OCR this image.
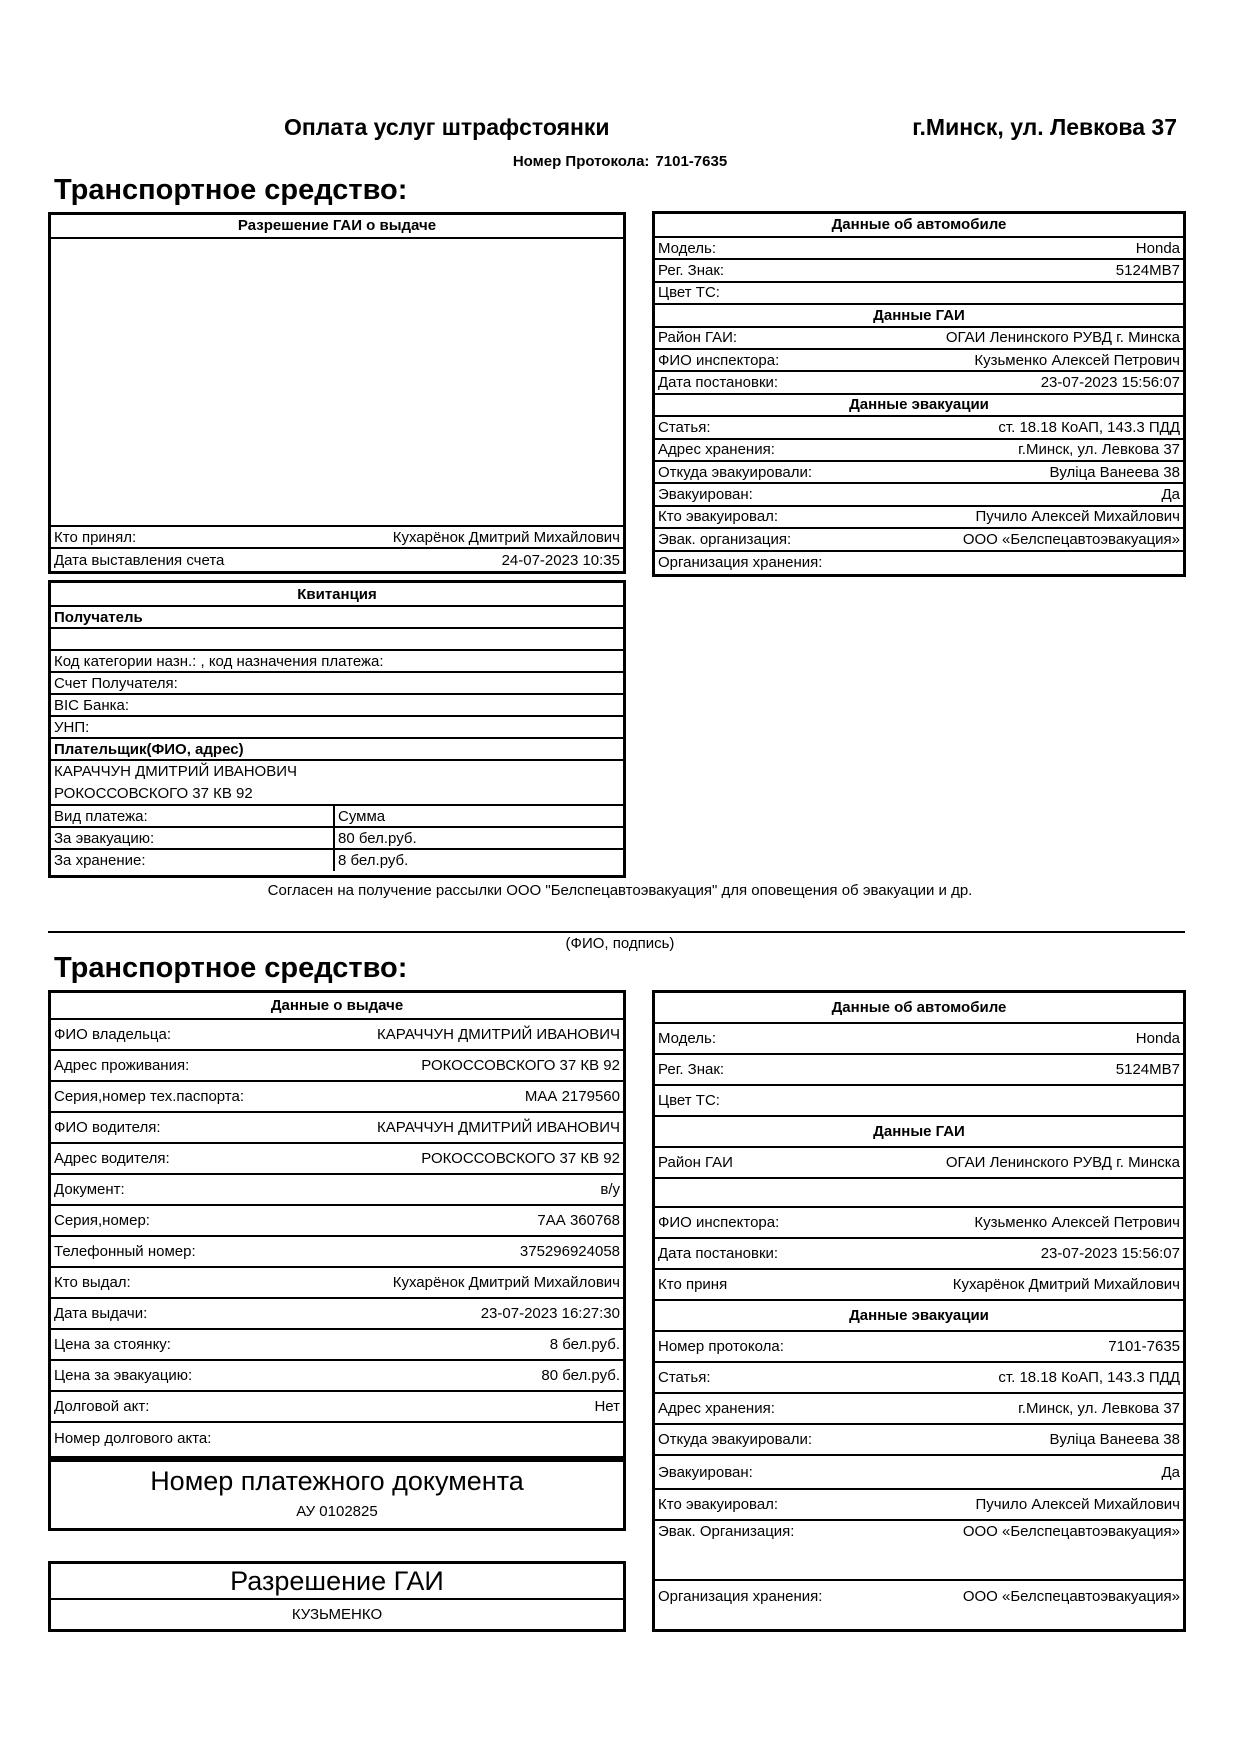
Оплата услуг штрафстоянки	г.Минск, ул. Левкова 37
Номер Протокола: 7101-7635
Транспортное средство:
Разрешение ГАИ о выдаче
Кто принял:	Кухарёнок Дмитрий Михайлович
Дата выставления счета	24-07-2023 10:35
Данные об автомобиле
Модель:	Honda
Рег. Знак:	5124MB7
Цвет ТС:
Данные ГАИ
Район ГАИ:	ОГАИ Ленинского РУВД г. Минска
ФИО инспектора:	Кузьменко Алексей Петрович
Дата постановки:	23-07-2023 15:56:07
Данные эвакуации
Статья:	ст. 18.18 КоАП, 143.3 ПДД
Адрес хранения:	г.Минск, ул. Левкова 37
Откуда эвакуировали:	Вуліца Ванеева 38
Эвакуирован:	Да
Кто эвакуировал:	Пучило Алексей Михайлович
Эвак. организация:	ООО «Белспецавтоэвакуация»
Организация хранения:
Квитанция
Получатель
Код категории назн.: , код назначения платежа:
Счет Получателя:
BIC Банка:
УНП:
Плательщик(ФИО, адрес)
КАРАЧЧУН ДМИТРИЙ ИВАНОВИЧ
РОКОССОВСКОГО 37 КВ 92
Вид платежа:	Сумма
За эвакуацию:	80 бел.руб.
За хранение:	8 бел.руб.
Согласен на получение рассылки ООО "Белспецавтоэвакуация" для оповещения об эвакуации и др.
(ФИО, подпись)
Транспортное средство:
Данные о выдаче
ФИО владельца:	КАРАЧЧУН ДМИТРИЙ ИВАНОВИЧ
Адрес проживания:	РОКОССОВСКОГО 37 КВ 92
Серия,номер тех.паспорта:	МАА 2179560
ФИО водителя:	КАРАЧЧУН ДМИТРИЙ ИВАНОВИЧ
Адрес водителя:	РОКОССОВСКОГО 37 КВ 92
Документ:	в/у
Серия,номер:	7АА 360768
Телефонный номер:	375296924058
Кто выдал:	Кухарёнок Дмитрий Михайлович
Дата выдачи:	23-07-2023 16:27:30
Цена за стоянку:	8 бел.руб.
Цена за эвакуацию:	80 бел.руб.
Долговой акт:	Нет
Номер долгового акта:
Номер платежного документа
АУ 0102825
Разрешение ГАИ
КУЗЬМЕНКО
Данные об автомобиле
Модель:	Honda
Рег. Знак:	5124MB7
Цвет ТС:
Данные ГАИ
Район ГАИ	ОГАИ Ленинского РУВД г. Минска
ФИО инспектора:	Кузьменко Алексей Петрович
Дата постановки:	23-07-2023 15:56:07
Кто приня	Кухарёнок Дмитрий Михайлович
Данные эвакуации
Номер протокола:	7101-7635
Статья:	ст. 18.18 КоАП, 143.3 ПДД
Адрес хранения:	г.Минск, ул. Левкова 37
Откуда эвакуировали:	Вуліца Ванеева 38
Эвакуирован:	Да
Кто эвакуировал:	Пучило Алексей Михайлович
Эвак. Организация:	ООО «Белспецавтоэвакуация»
Организация хранения:	ООО «Белспецавтоэвакуация»
